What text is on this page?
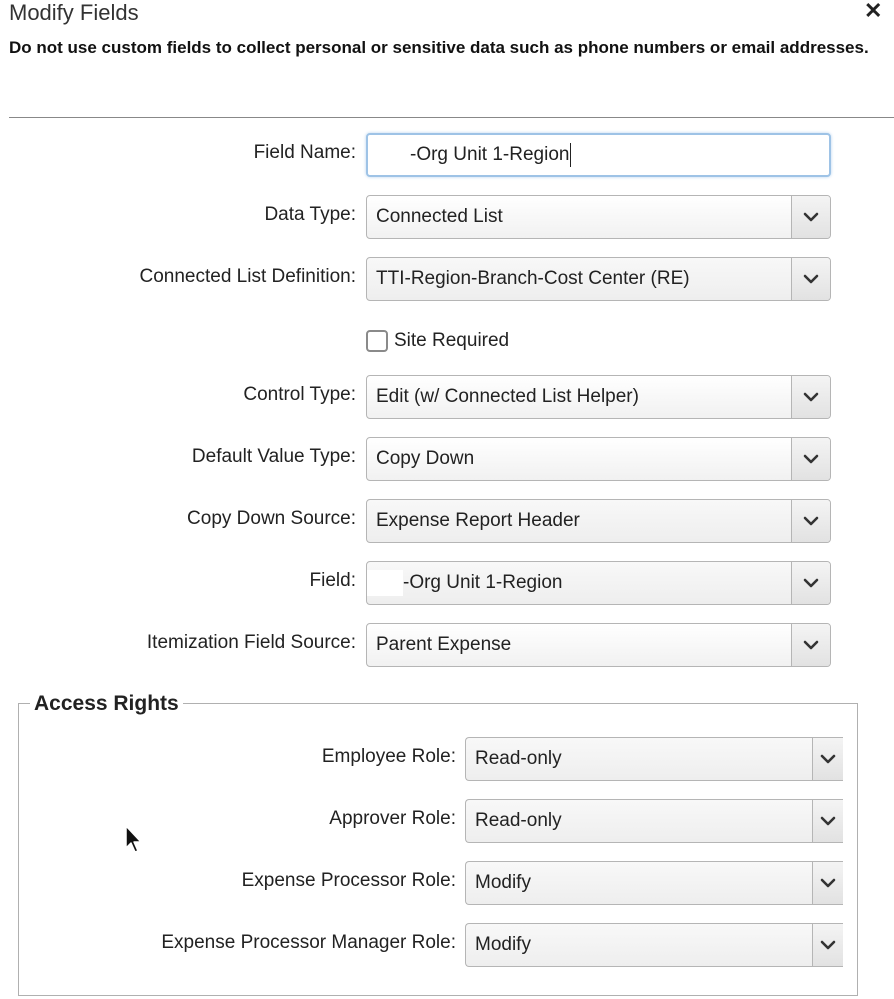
Modify Fields	✕
Do not use custom fields to collect personal or sensitive data such as phone numbers or email addresses.
Field Name:	-Org Unit 1-Region
Data Type:	Connected List
Connected List Definition:	TTI-Region-Branch-Cost Center (RE)
Site Required
Control Type:	Edit (w/ Connected List Helper)
Default Value Type:	Copy Down
Copy Down Source:	Expense Report Header
Field:	-Org Unit 1-Region
Itemization Field Source:	Parent Expense
Access Rights
Employee Role:	Read-only
Approver Role:	Read-only
Expense Processor Role:	Modify
Expense Processor Manager Role:	Modify
